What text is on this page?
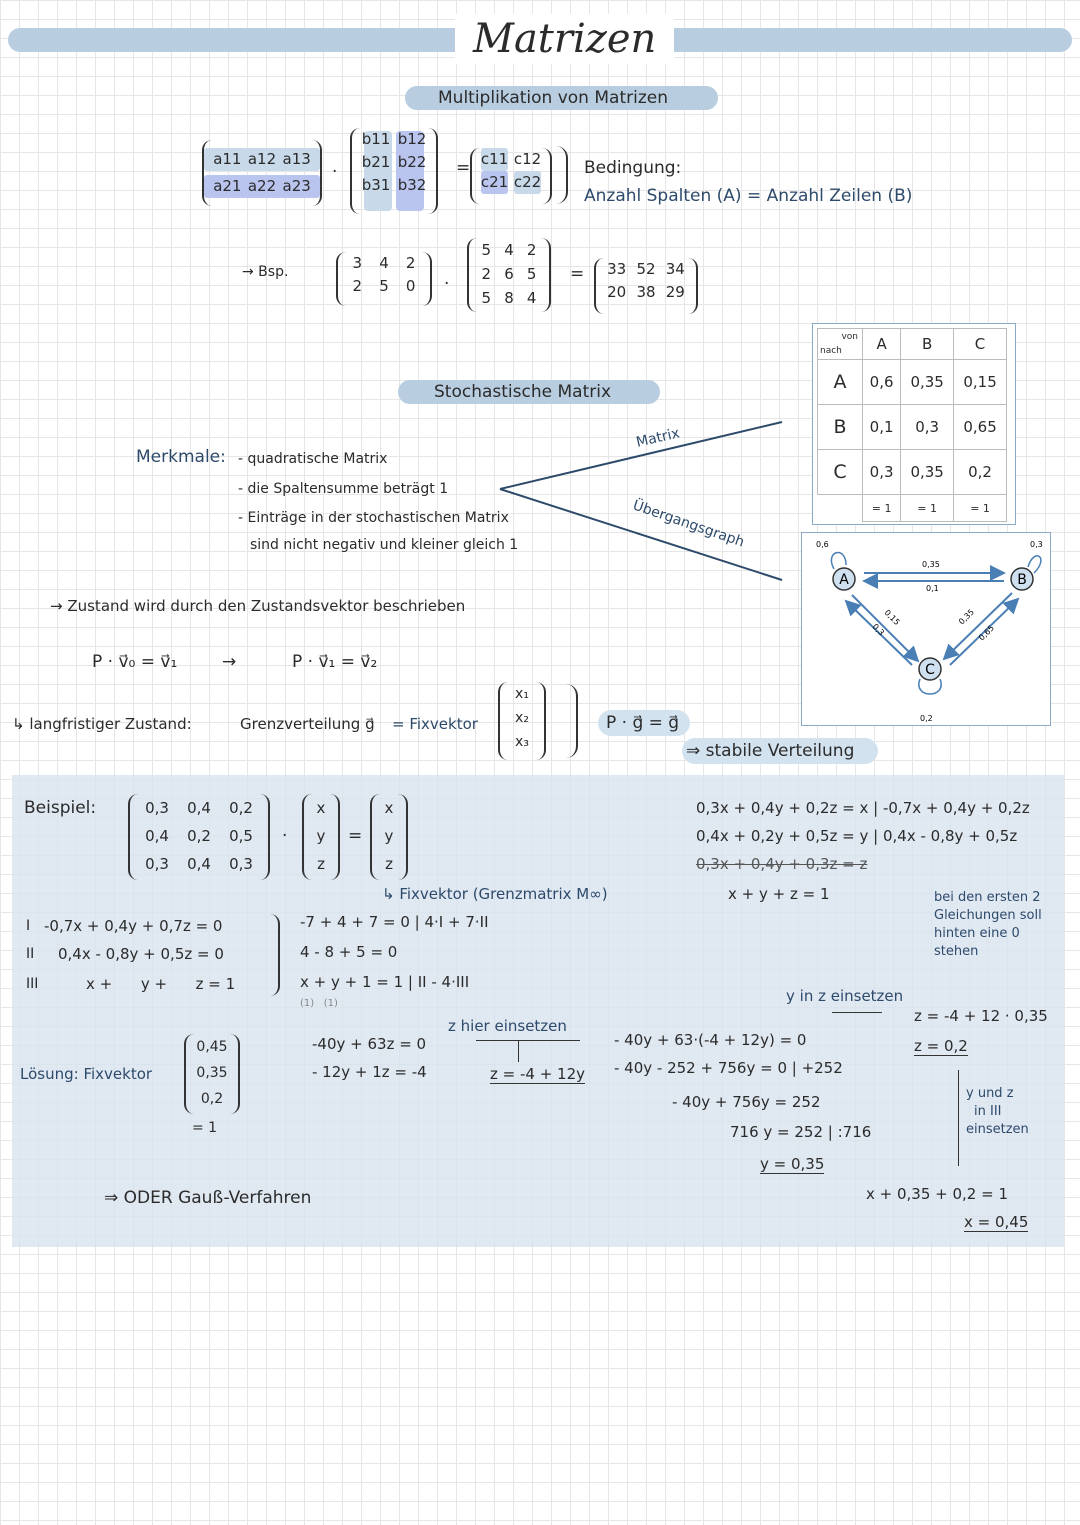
Matrizen
Multiplikation von Matrizen
a11 a12 a13
a21 a22 a23
·
b11 b12
b21 b22
b31 b32
= c11 c12
c21 c22
Bedingung:
Anzahl Spalten (A) = Anzahl Zeilen (B)
→ Bsp.	3 4 2
2 5 0 ·
5 4 2
2 6 5
5 8 4
= 33 52 34
20 38 29
von
nach	A	B	C
A	0,6	0,35	0,15
B	0,1	0,3	0,65
C	0,3	0,35	0,2
	= 1	= 1	= 1
Stochastische Matrix
Merkmale: - quadratische Matrix
- die Spaltensumme beträgt 1
- Einträge in der stochastischen Matrix
sind nicht negativ und kleiner gleich 1
Matrix
Übergangsgraph
A	B
C
0,6	0,3
0,2
0,35
0,1
0,15
0,3
0,35
0,65
→ Zustand wird durch den Zustandsvektor beschrieben
P · v⃗₀ = v⃗₁	→	P · v⃗₁ = v⃗₂
↳ langfristiger Zustand:	Grenzverteilung g⃗ = Fixvektor
x₁
x₂
x₃
P · g⃗ = g⃗
⇒ stabile Verteilung
Beispiel:	0,3 0,4 0,2
0,4 0,2 0,5
0,3 0,4 0,3
·
x
y
z
=
x
y
z
↳ Fixvektor (Grenzmatrix M∞)
0,3x + 0,4y + 0,2z = x | -0,7x + 0,4y + 0,2z
0,4x + 0,2y + 0,5z = y | 0,4x - 0,8y + 0,5z
0,3x + 0,4y + 0,3z = z
x + y + z = 1	bei den ersten 2
Gleichungen soll
hinten eine 0
stehen
I -0,7x + 0,4y + 0,7z = 0
II 0,4x - 0,8y + 0,5z = 0
III	x +      y +      z = 1
-7 + 4 + 7 = 0 | 4·I + 7·II
4 - 8 + 5 = 0
x + y + 1 = 1 | II - 4·III
(1)   (1)
-40y + 63z = 0
- 12y + 1z = -4
z hier einsetzen
z = -4 + 12y
- 40y + 63·(-4 + 12y) = 0
- 40y - 252 + 756y = 0 | +252
- 40y + 756y = 252
716 y = 252 | :716
y = 0,35
y in z einsetzen
z = -4 + 12 · 0,35
z = 0,2
y und z
in III
einsetzen
x + 0,35 + 0,2 = 1
x = 0,45
Lösung: Fixvektor
0,45
0,35
0,2
= 1
⇒ ODER Gauß-Verfahren
